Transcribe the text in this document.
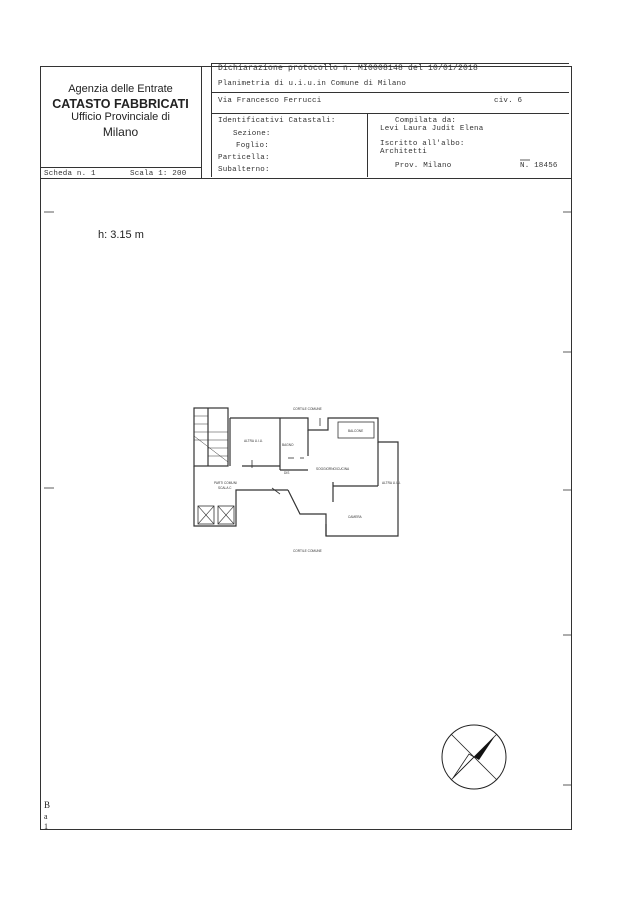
Agenzia delle Entrate
CATASTO FABBRICATI
Ufficio Provinciale di
Milano
Dichiarazione protocollo n. MI0008148 del 10/01/2018
Planimetria di u.i.u.in Comune di Milano
Via Francesco Ferrucci	civ. 6
Identificativi Catastali:
Sezione:
Foglio:
Particella:
Subalterno:
Compilata da:
Levi Laura Judit Elena
Iscritto all'albo:
Architetti
Prov. Milano	N. 18456
Scheda n. 1	Scala 1: 200
h: 3.15 m
CORTILE COMUNE
BALCONE
ALTRA U.I.U.
BAGNO
DIS
SOGGIORNO/CUCINA
ALTRA U.I.U.
PARTI COMUNI
SCALA C
CAMERA
CORTILE COMUNE
B
a
1
